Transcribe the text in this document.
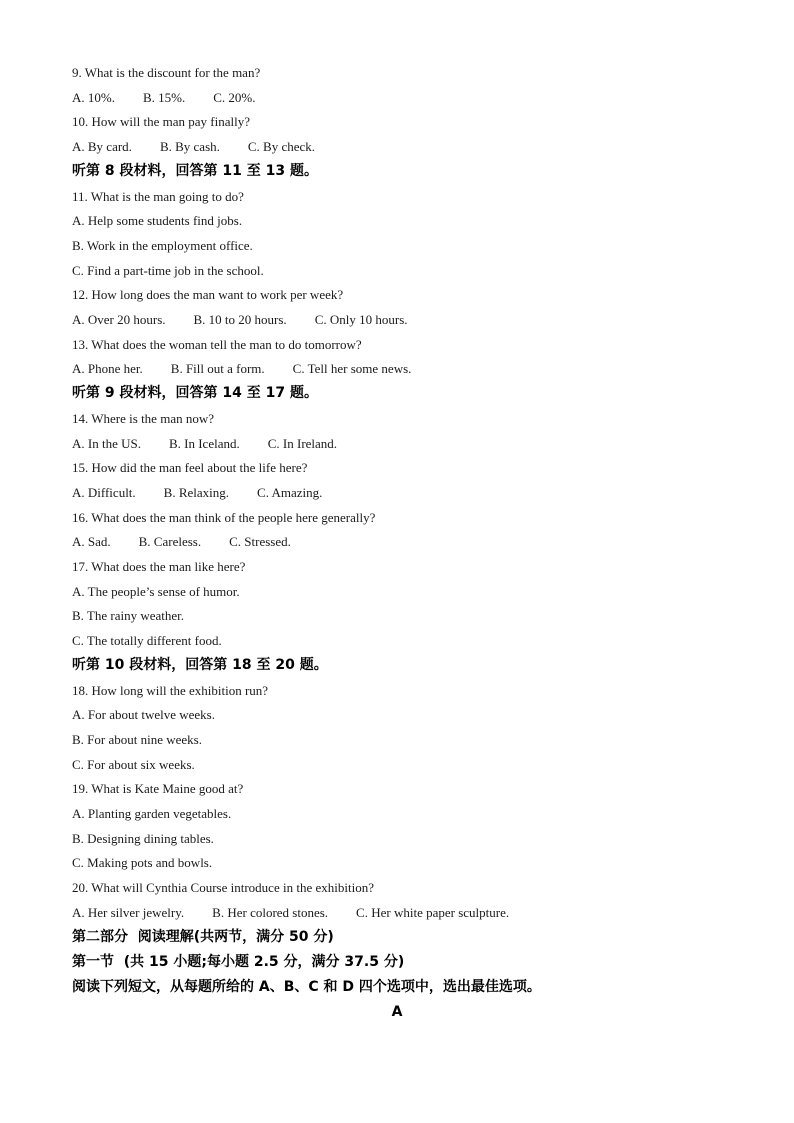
9. What is the discount for the man?
A. 10%. B. 15%. C. 20%.
10. How will the man pay finally?
A. By card. B. By cash. C. By check.
听第 8 段材料，回答第 11 至 13 题。
11. What is the man going to do?
A. Help some students find jobs.
B. Work in the employment office.
C. Find a part-time job in the school.
12. How long does the man want to work per week?
A. Over 20 hours. B. 10 to 20 hours. C. Only 10 hours.
13. What does the woman tell the man to do tomorrow?
A. Phone her. B. Fill out a form. C. Tell her some news.
听第 9 段材料，回答第 14 至 17 题。
14. Where is the man now?
A. In the US. B. In Iceland. C. In Ireland.
15. How did the man feel about the life here?
A. Difficult. B. Relaxing. C. Amazing.
16. What does the man think of the people here generally?
A. Sad. B. Careless. C. Stressed.
17. What does the man like here?
A. The people’s sense of humor.
B. The rainy weather.
C. The totally different food.
听第 10 段材料，回答第 18 至 20 题。
18. How long will the exhibition run?
A. For about twelve weeks.
B. For about nine weeks.
C. For about six weeks.
19. What is Kate Maine good at?
A. Planting garden vegetables.
B. Designing dining tables.
C. Making pots and bowls.
20. What will Cynthia Course introduce in the exhibition?
A. Her silver jewelry. B. Her colored stones. C. Her white paper sculpture.
第二部分  阅读理解(共两节，满分 50 分)
第一节  (共 15 小题;每小题 2.5 分，满分 37.5 分)
阅读下列短文，从每题所给的 A、B、C 和 D 四个选项中，选出最佳选项。
A
